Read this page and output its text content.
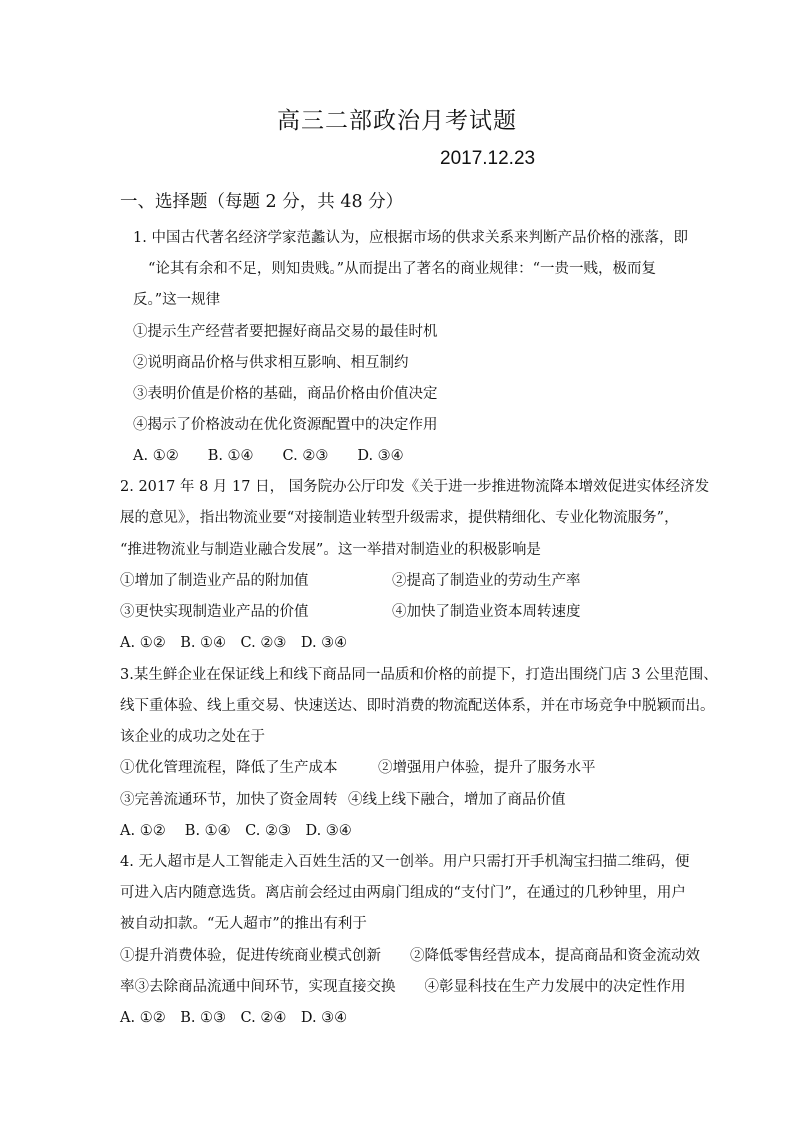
高三二部政治月考试题
2017.12.23
一、选择题（每题 2 分，共 48 分）
1. 中国古代著名经济学家范蠡认为，应根据市场的供求关系来判断产品价格的涨落，即
“论其有余和不足，则知贵贱。”从而提出了著名的商业规律：“一贵一贱，极而复
反。”这一规律
①提示生产经营者要把握好商品交易的最佳时机
②说明商品价格与供求相互影响、相互制约
③表明价值是价格的基础，商品价格由价值决定
④揭示了价格波动在优化资源配置中的决定作用
A. ①②　　B. ①④　　C. ②③　　D. ③④
2. 2017 年 8 月 17 日， 国务院办公厅印发《关于进一步推进物流降本增效促进实体经济发
展的意见》，指出物流业要“对接制造业转型升级需求，提供精细化、专业化物流服务”，
“推进物流业与制造业融合发展”。这一举措对制造业的积极影响是
①增加了制造业产品的附加值	②提高了制造业的劳动生产率
③更快实现制造业产品的价值	④加快了制造业资本周转速度
A. ①②　B. ①④　C. ②③　D. ③④
3.某生鲜企业在保证线上和线下商品同一品质和价格的前提下，打造出围绕门店 3 公里范围、
线下重体验、线上重交易、快速送达、即时消费的物流配送体系，并在市场竞争中脱颖而出。
该企业的成功之处在于
①优化管理流程，降低了生产成本	②增强用户体验，提升了服务水平
③完善流通环节，加快了资金周转 ④线上线下融合，增加了商品价值
A. ①②　 B. ①④　C. ②③　D. ③④
4. 无人超市是人工智能走入百姓生活的又一创举。用户只需打开手机淘宝扫描二维码，便
可进入店内随意选货。离店前会经过由两扇门组成的“支付门”，在通过的几秒钟里，用户
被自动扣款。“无人超市”的推出有利于
①提升消费体验，促进传统商业模式创新　　②降低零售经营成本，提高商品和资金流动效
率③去除商品流通中间环节，实现直接交换　　④彰显科技在生产力发展中的决定性作用
A. ①②　B. ①③　C. ②④　D. ③④
